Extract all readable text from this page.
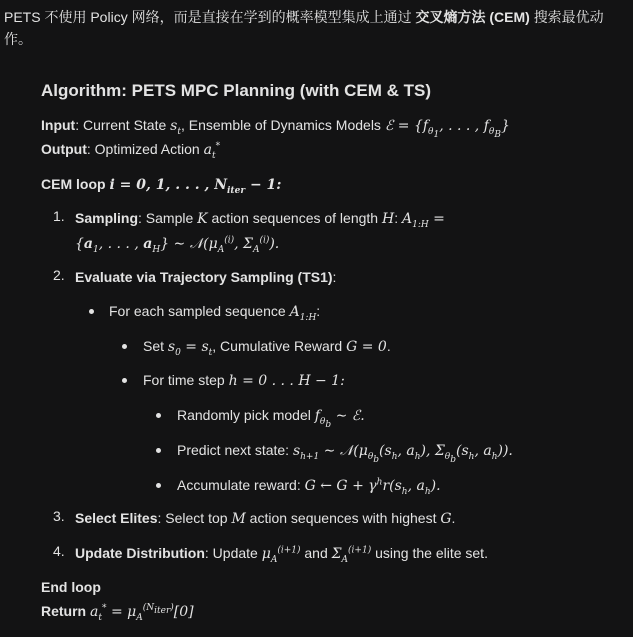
PETS 不使用 Policy 网络，而是直接在学到的概率模型集成上通过 交叉熵方法 (CEM) 搜索最优动作。
Algorithm: PETS MPC Planning (with CEM & TS)
Input: Current State $s_t$, Ensemble of Dynamics Models ℰ = {$f_{\theta_1}$, . . . , $f_{\theta_B}$}
Output: Optimized Action $a_t^*$
CEM loop i = 0, 1, . . . , $N_{iter} - 1$:
1. Sampling: Sample K action sequences of length H: $A_{1:H}$ =
{$a_1$, . . . , $a_H$} ∼ $𝒩(\mu_A^{(i)}$, $\Sigma_A^{(i)}$).
2. Evaluate via Trajectory Sampling (TS1):
For each sampled sequence $A_{1:H}$:
Set $s_0 = s_t$, Cumulative Reward G = 0.
For time step h = 0 . . . H − 1:
Randomly pick model $f_{\theta_b}$ ∼ ℰ.
Predict next state: $s_{h+1}$ ∼ $𝒩(\mu_{\theta_b}(s_h$, $a_h$), $\Sigma_{\theta_b}(s_h$, $a_h$)).
Accumulate reward: G ← $G + \gamma^hr(s_h$, $a_h$).
3. Select Elites: Select top M action sequences with highest G.
4. Update Distribution: Update $\mu_A^{(i+1)}$ and $\Sigma_A^{(i+1)}$ using the elite set.
End loop
Return $a_t^* = \mu_A^{(N_{iter})}[0]$
